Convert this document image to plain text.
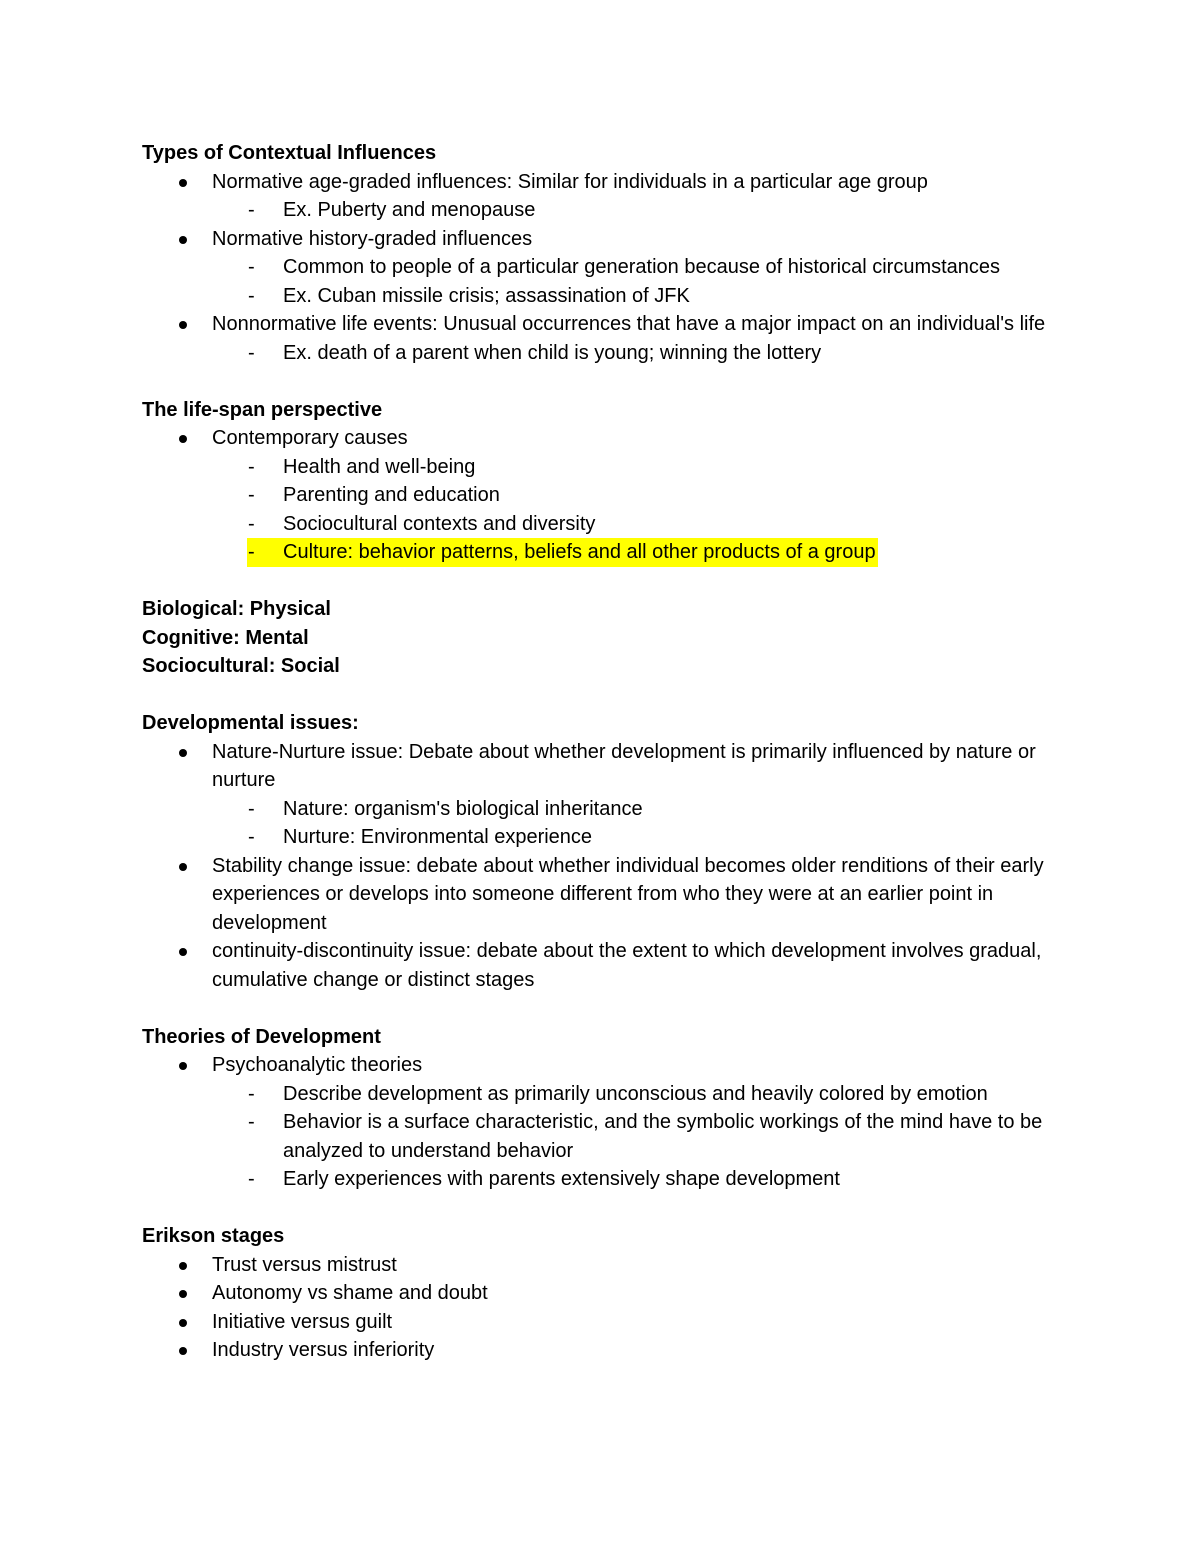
Types of Contextual Influences

Normative age-graded influences: Similar for individuals in a particular age group

- Ex. Puberty and menopause

Normative history-graded influences

- Common to people of a particular generation because of historical circumstances

- Ex. Cuban missile crisis; assassination of JFK

Nonnormative life events: Unusual occurrences that have a major impact on an individual's life

- Ex. death of a parent when child is young; winning the lottery

The life-span perspective

Contemporary causes

- Health and well-being

- Parenting and education

- Sociocultural contexts and diversity

- Culture: behavior patterns, beliefs and all other products of a group

Biological: Physical

Cognitive: Mental

Sociocultural: Social

Developmental issues:

Nature-Nurture issue: Debate about whether development is primarily influenced by nature or nurture

- Nature: organism's biological inheritance

- Nurture: Environmental experience

Stability change issue: debate about whether individual becomes older renditions of their early experiences or develops into someone different from who they were at an earlier point in development

continuity-discontinuity issue: debate about the extent to which development involves gradual, cumulative change or distinct stages

Theories of Development

Psychoanalytic theories

- Describe development as primarily unconscious and heavily colored by emotion

- Behavior is a surface characteristic, and the symbolic workings of the mind have to be analyzed to understand behavior

- Early experiences with parents extensively shape development

Erikson stages

Trust versus mistrust

Autonomy vs shame and doubt

Initiative versus guilt

Industry versus inferiority
